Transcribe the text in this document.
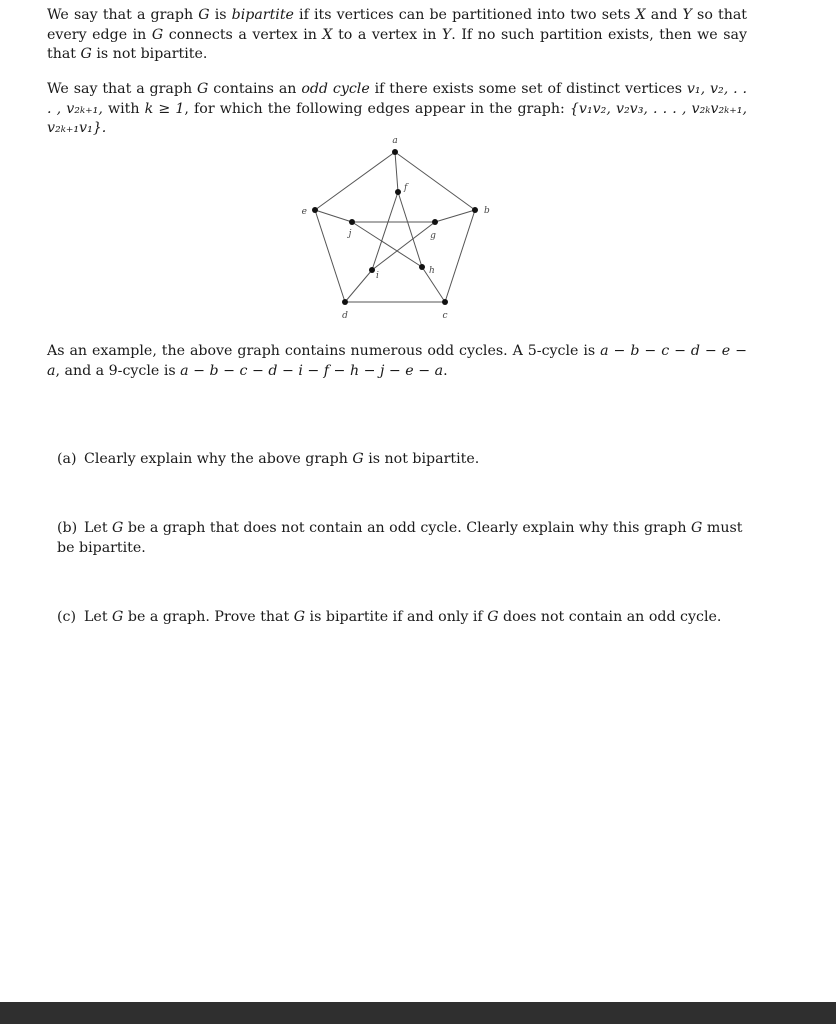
We say that a graph G is bipartite if its vertices can be partitioned into two sets X and Y so that every edge in G connects a vertex in X to a vertex in Y. If no such partition exists, then we say that G is not bipartite.

We say that a graph G contains an odd cycle if there exists some set of distinct vertices v₁, v₂, . . . , v₂ₖ₊₁, with k ≥ 1, for which the following edges appear in the graph: {v₁v₂, v₂v₃, . . . , v₂ₖv₂ₖ₊₁, v₂ₖ₊₁v₁}.

a
b
c
d
e
f
g
h
i
j

As an example, the above graph contains numerous odd cycles. A 5-cycle is a − b − c − d − e − a, and a 9-cycle is a − b − c − d − i − f − h − j − e − a.

(a) Clearly explain why the above graph G is not bipartite.

(b) Let G be a graph that does not contain an odd cycle. Clearly explain why this graph G must be bipartite.

(c) Let G be a graph. Prove that G is bipartite if and only if G does not contain an odd cycle.
